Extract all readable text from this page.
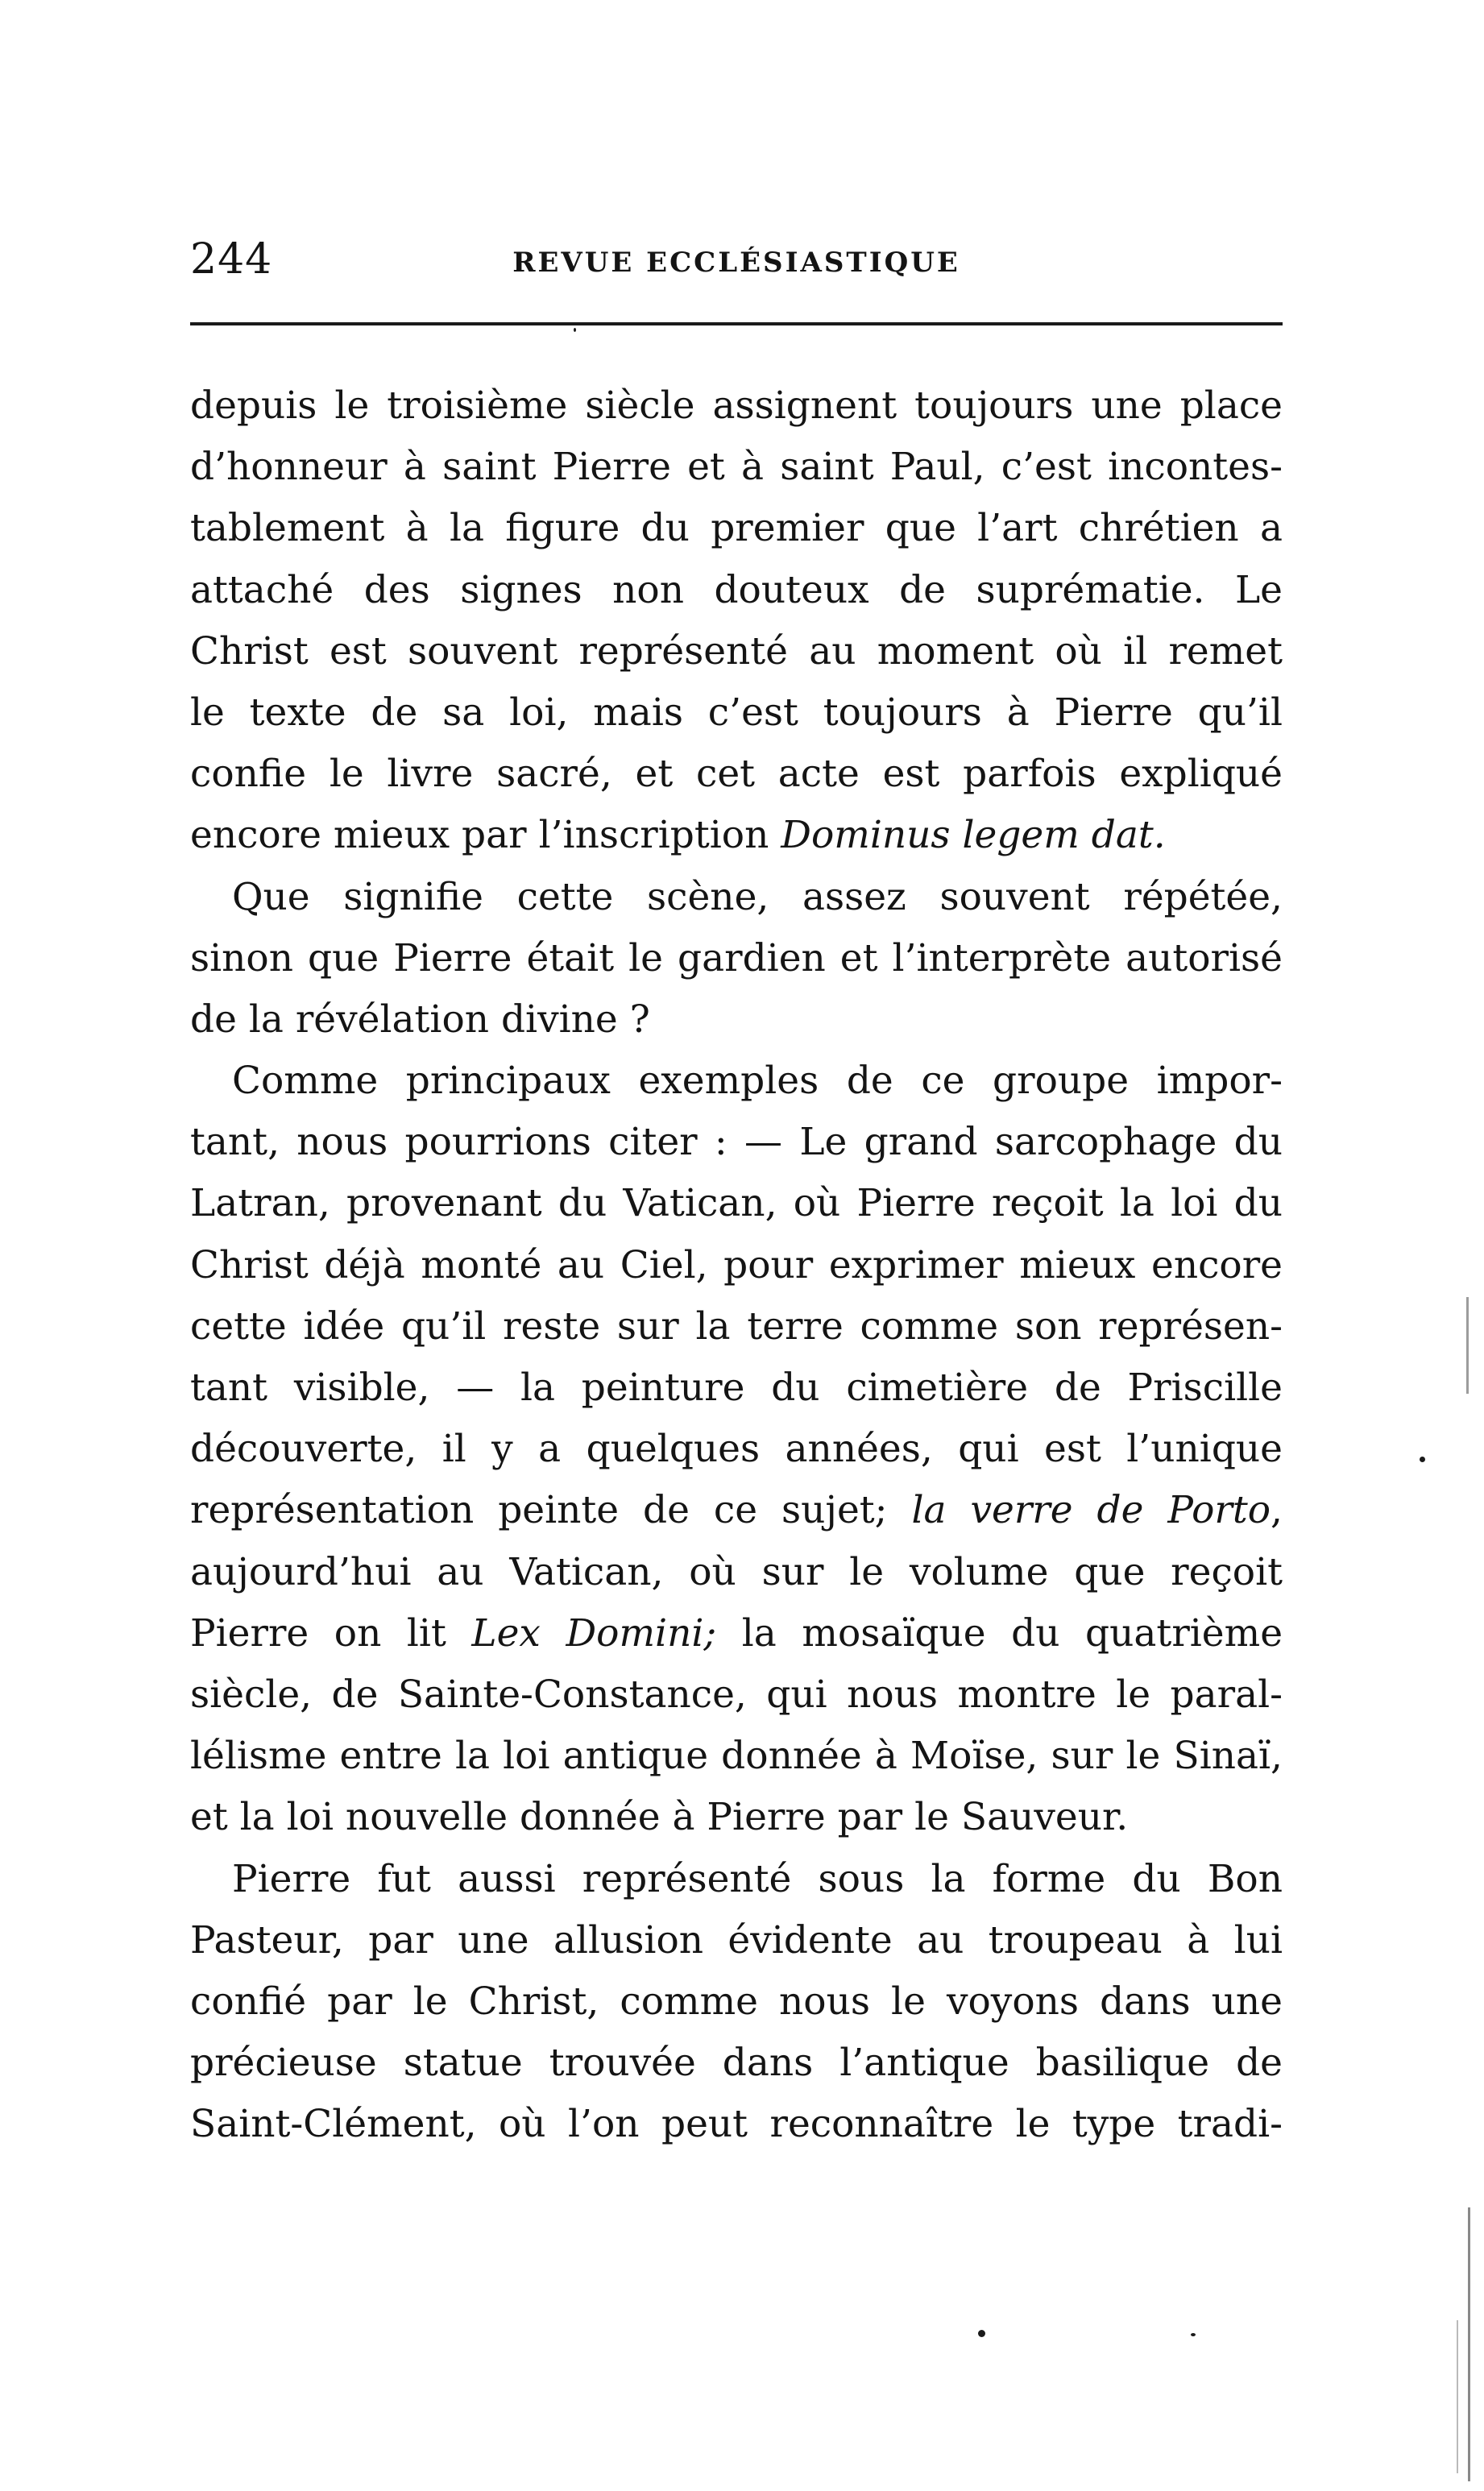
244	REVUE ECCLÉSIASTIQUE
depuis le troisième siècle assignent toujours une place
d’honneur à saint Pierre et à saint Paul, c’est incontes-
tablement à la figure du premier que l’art chrétien a
attaché des signes non douteux de suprématie. Le
Christ est souvent représenté au moment où il remet
le texte de sa loi, mais c’est toujours à Pierre qu’il
confie le livre sacré, et cet acte est parfois expliqué
encore mieux par l’inscription Dominus legem dat.
Que signifie cette scène, assez souvent répétée,
sinon que Pierre était le gardien et l’interprète autorisé
de la révélation divine ?
Comme principaux exemples de ce groupe impor-
tant, nous pourrions citer : — Le grand sarcophage du
Latran, provenant du Vatican, où Pierre reçoit la loi du
Christ déjà monté au Ciel, pour exprimer mieux encore
cette idée qu’il reste sur la terre comme son représen-
tant visible, — la peinture du cimetière de Priscille
découverte, il y a quelques années, qui est l’unique
représentation peinte de ce sujet; la verre de Porto,
aujourd’hui au Vatican, où sur le volume que reçoit
Pierre on lit Lex Domini; la mosaïque du quatrième
siècle, de Sainte-Constance, qui nous montre le paral-
lélisme entre la loi antique donnée à Moïse, sur le Sinaï,
et la loi nouvelle donnée à Pierre par le Sauveur.
Pierre fut aussi représenté sous la forme du Bon
Pasteur, par une allusion évidente au troupeau à lui
confié par le Christ, comme nous le voyons dans une
précieuse statue trouvée dans l’antique basilique de
Saint-Clément, où l’on peut reconnaître le type tradi-
